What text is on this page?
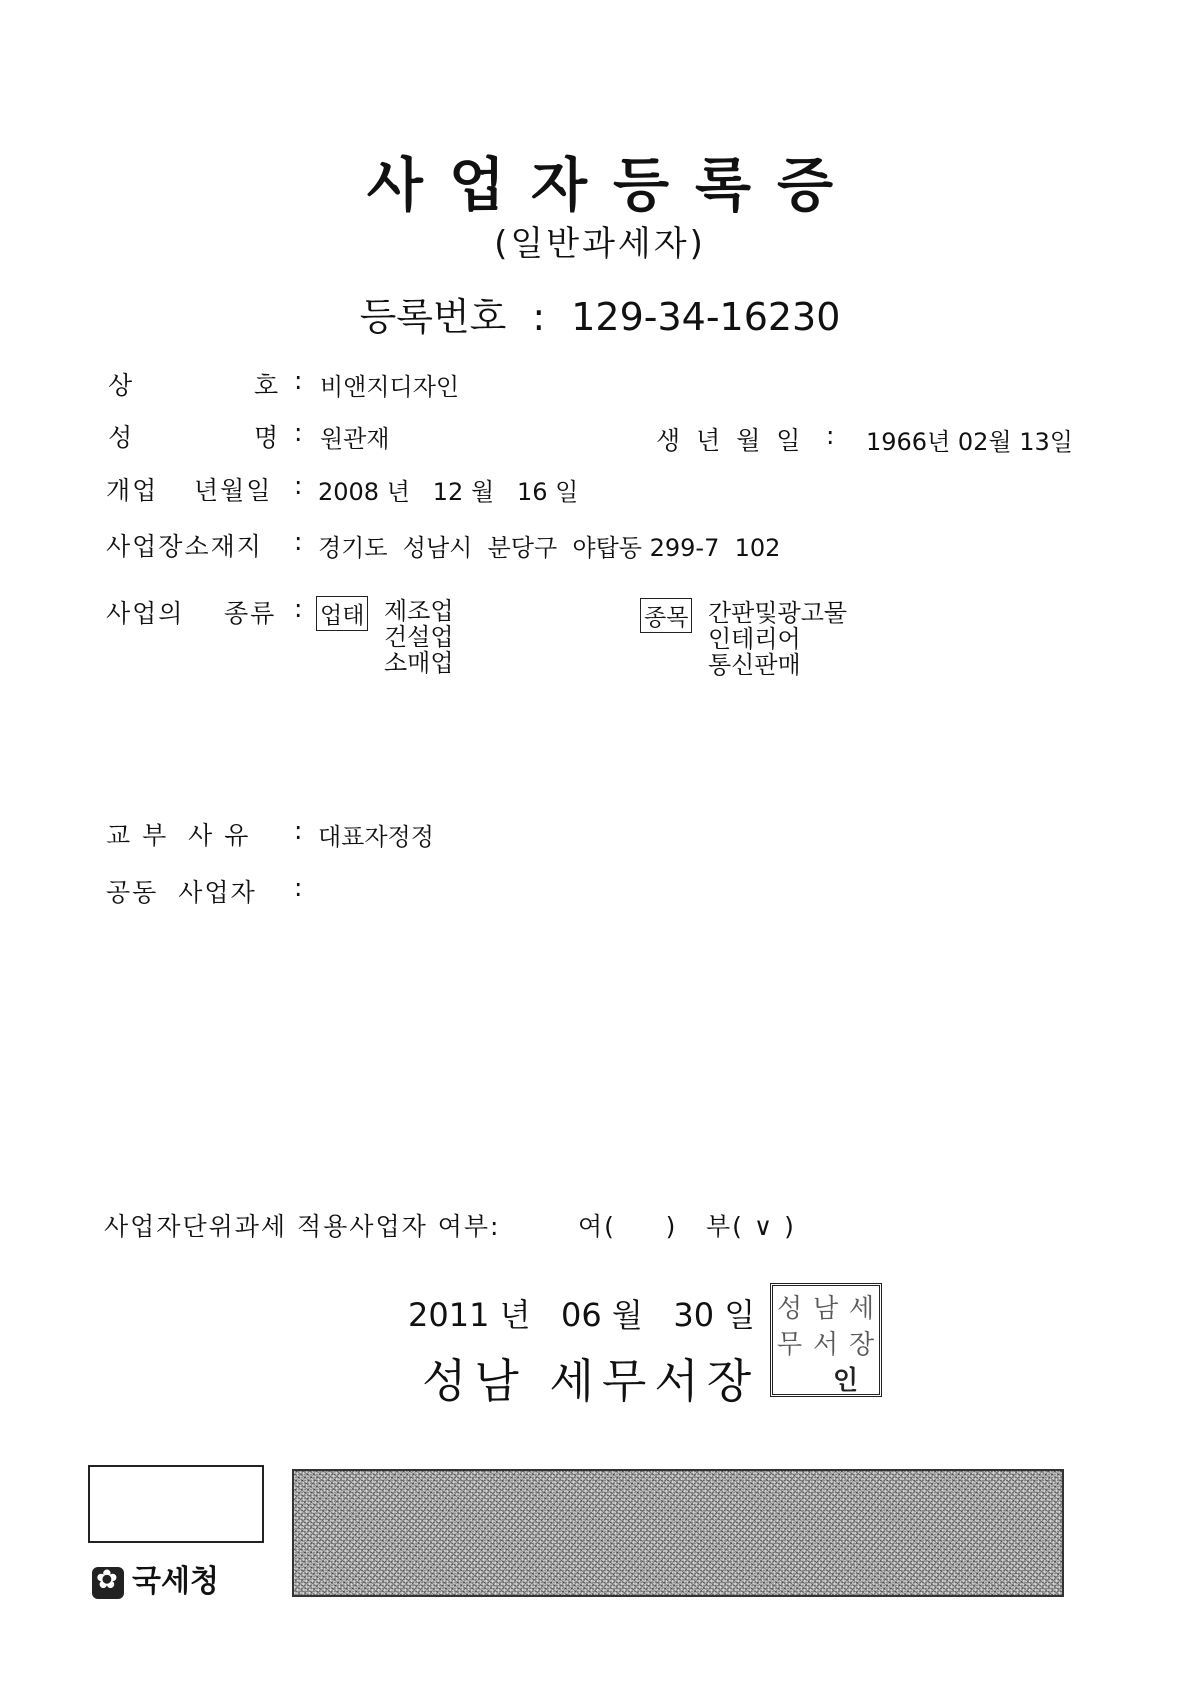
사업자등록증
(일반과세자)
등록번호 : 129-34-16230
상	호 : 비앤지디자인
성	명 : 원관재	생 년 월 일 : 1966년 02월 13일
개업 년월일 : 2008 년   12 월   16 일
사업장소재지 : 경기도  성남시  분당구  야탑동 299-7  102
사업의 종류 : 업태 제조업
건설업
소매업
종목 간판및광고물
인테리어
통신판매
교 부  사 유 : 대표자정정
공동  사업자 :
사업자단위과세 적용사업자 여부:	여(     ) 부( ∨ )
2011 년   06 월   30 일
성남 세무서장
성 남 세
무 서 장
인
✿국세청
